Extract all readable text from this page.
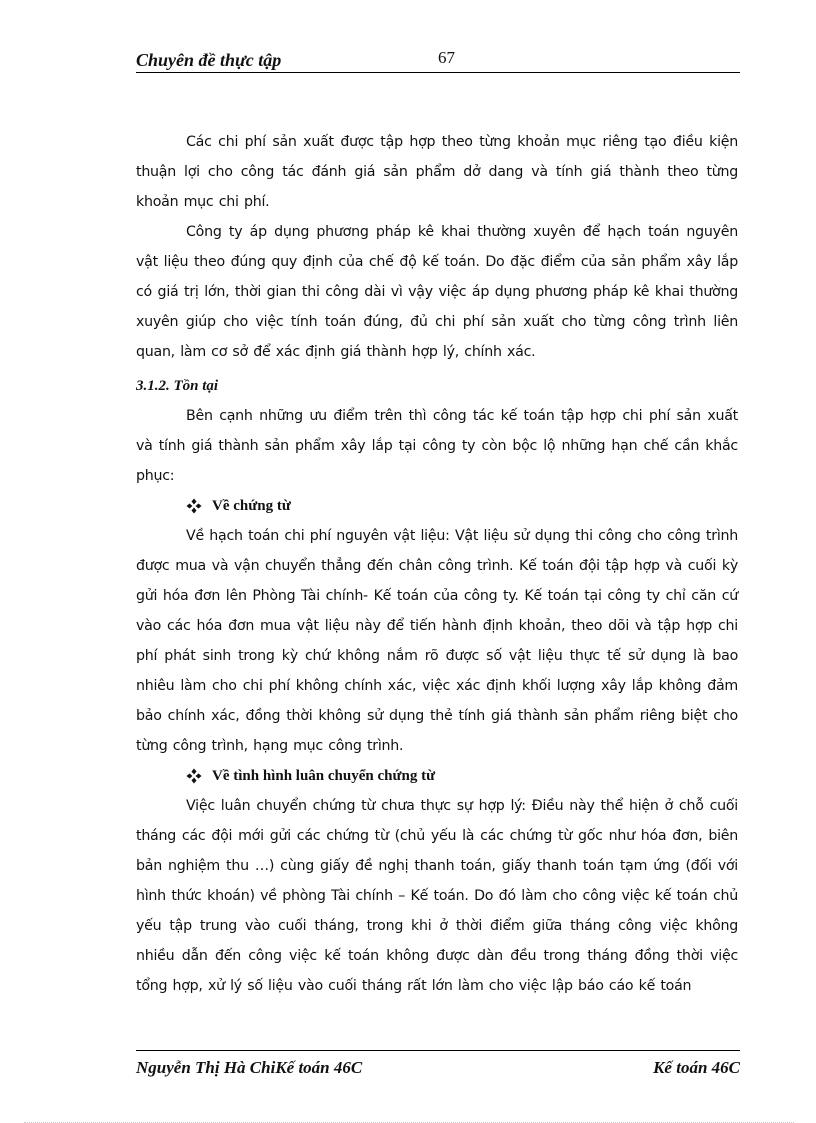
Chuyên đề thực tập	67

Các chi phí sản xuất được tập hợp theo từng khoản mục riêng tạo điều kiện thuận lợi cho công tác đánh giá sản phẩm dở dang và tính giá thành theo từng khoản mục chi phí.

Công ty áp dụng phương pháp kê khai thường xuyên để hạch toán nguyên vật liệu theo đúng quy định của chế độ kế toán. Do đặc điểm của sản phẩm xây lắp có giá trị lớn, thời gian thi công dài vì vậy việc áp dụng phương pháp kê khai thường xuyên giúp cho việc tính toán đúng, đủ chi phí sản xuất cho từng công trình liên quan, làm cơ sở để xác định giá thành hợp lý, chính xác.

3.1.2. Tồn tại

Bên cạnh những ưu điểm trên thì công tác kế toán tập hợp chi phí sản xuất và tính giá thành sản phẩm xây lắp tại công ty còn bộc lộ những hạn chế cần khắc phục:

Về chứng từ

Về hạch toán chi phí nguyên vật liệu: Vật liệu sử dụng thi công cho công trình được mua và vận chuyển thẳng đến chân công trình. Kế toán đội tập hợp và cuối kỳ gửi hóa đơn lên Phòng Tài chính- Kế toán của công ty. Kế toán tại công ty chỉ căn cứ vào các hóa đơn mua vật liệu này để tiến hành định khoản, theo dõi và tập hợp chi phí phát sinh trong kỳ chứ không nắm rõ được số vật liệu thực tế sử dụng là bao nhiêu làm cho chi phí không chính xác, việc xác định khối lượng xây lắp không đảm bảo chính xác, đồng thời không sử dụng thẻ tính giá thành sản phẩm riêng biệt cho từng công trình, hạng mục công trình.

Về tình hình luân chuyển chứng từ

Việc luân chuyển chứng từ chưa thực sự hợp lý: Điều này thể hiện ở chỗ cuối tháng các đội mới gửi các chứng từ (chủ yếu là các chứng từ gốc như hóa đơn, biên bản nghiệm thu …) cùng giấy đề nghị thanh toán, giấy thanh toán tạm ứng (đối với hình thức khoán) về phòng Tài chính – Kế toán. Do đó làm cho công việc kế toán chủ yếu tập trung vào cuối tháng, trong khi ở thời điểm giữa tháng công việc không nhiều dẫn đến công việc kế toán không được dàn đều trong tháng đồng thời việc tổng hợp, xử lý số liệu vào cuối tháng rất lớn làm cho việc lập báo cáo kế toán

Nguyễn Thị Hà ChiKế toán 46C	Kế toán 46C
